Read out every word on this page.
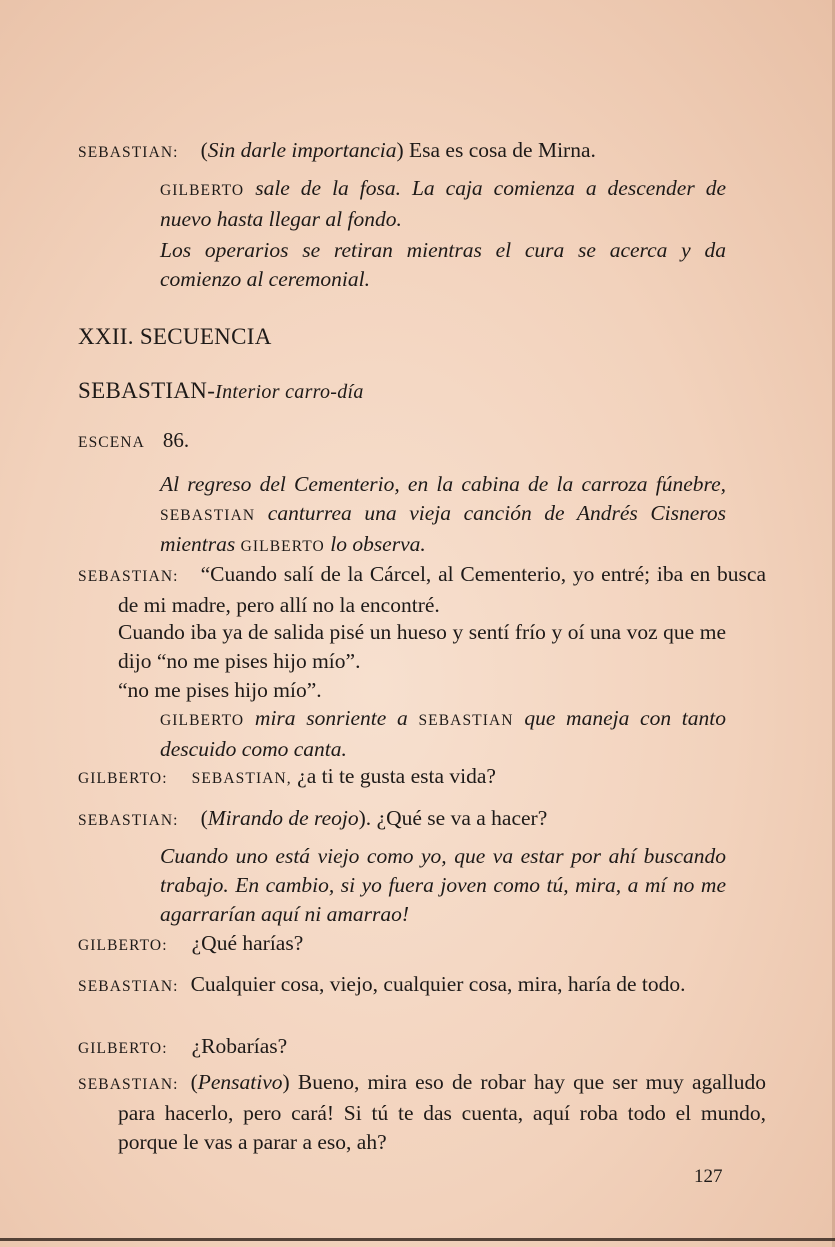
SEBASTIAN: (Sin darle importancia) Esa es cosa de Mirna.

GILBERTO sale de la fosa. La caja comienza a descender de nuevo hasta llegar al fondo.

Los operarios se retiran mientras el cura se acerca y da comienzo al ceremonial.

XXII. SECUENCIA

SEBASTIAN-Interior carro-día

ESCENA 86.

Al regreso del Cementerio, en la cabina de la carroza fúnebre, SEBASTIAN canturrea una vieja canción de Andrés Cisneros mientras GILBERTO lo observa.

SEBASTIAN: “Cuando salí de la Cárcel, al Cementerio, yo entré; iba en busca de mi madre, pero allí no la encontré.

Cuando iba ya de salida pisé un hueso y sentí frío y oí una voz que me dijo “no me pises hijo mío”.

“no me pises hijo mío”.

GILBERTO mira sonriente a SEBASTIAN que maneja con tanto descuido como canta.

GILBERTO: SEBASTIAN, ¿a ti te gusta esta vida?

SEBASTIAN: (Mirando de reojo). ¿Qué se va a hacer?

Cuando uno está viejo como yo, que va estar por ahí buscando trabajo. En cambio, si yo fuera joven como tú, mira, a mí no me agarrarían aquí ni amarrao!

GILBERTO: ¿Qué harías?

SEBASTIAN: Cualquier cosa, viejo, cualquier cosa, mira, haría de todo.

GILBERTO: ¿Robarías?

SEBASTIAN: (Pensativo) Bueno, mira eso de robar hay que ser muy agalludo para hacerlo, pero cará! Si tú te das cuenta, aquí roba todo el mundo, porque le vas a parar a eso, ah?

127
